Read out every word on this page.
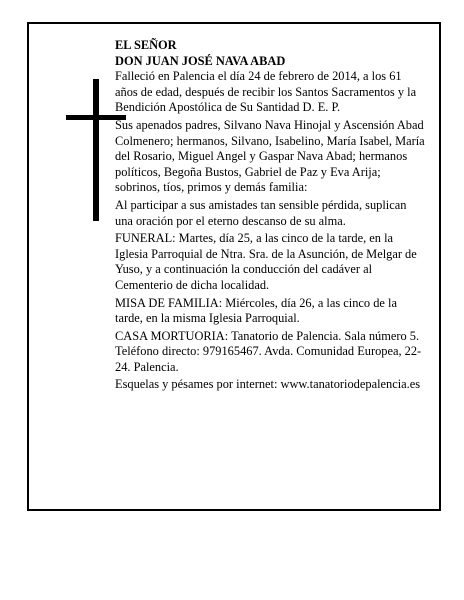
EL SEÑOR

DON JUAN JOSÉ NAVA ABAD

Falleció en Palencia el día 24 de febrero de 2014, a los 61 años de edad, después de recibir los Santos Sacramentos y la Bendición Apostólica de Su Santidad D. E. P.

Sus apenados padres, Silvano Nava Hinojal y Ascensión Abad Colmenero; hermanos, Silvano, Isabelino, María Isabel, María del Rosario, Miguel Angel y Gaspar Nava Abad; hermanos políticos, Begoña Bustos, Gabriel de Paz y Eva Arija; sobrinos, tíos, primos y demás familia:

Al participar a sus amistades tan sensible pérdida, suplican una oración por el eterno descanso de su alma.

FUNERAL: Martes, día 25, a las cinco de la tarde, en la Iglesia Parroquial de Ntra. Sra. de la Asunción, de Melgar de Yuso, y a continuación la conducción del cadáver al Cementerio de dicha localidad.

MISA DE FAMILIA: Miércoles, día 26, a las cinco de la tarde, en la misma Iglesia Parroquial.

CASA MORTUORIA: Tanatorio de Palencia. Sala número 5. Teléfono directo: 979165467. Avda. Comunidad Europea, 22-24. Palencia.

Esquelas y pésames por internet: www.tanatoriodepalencia.es
